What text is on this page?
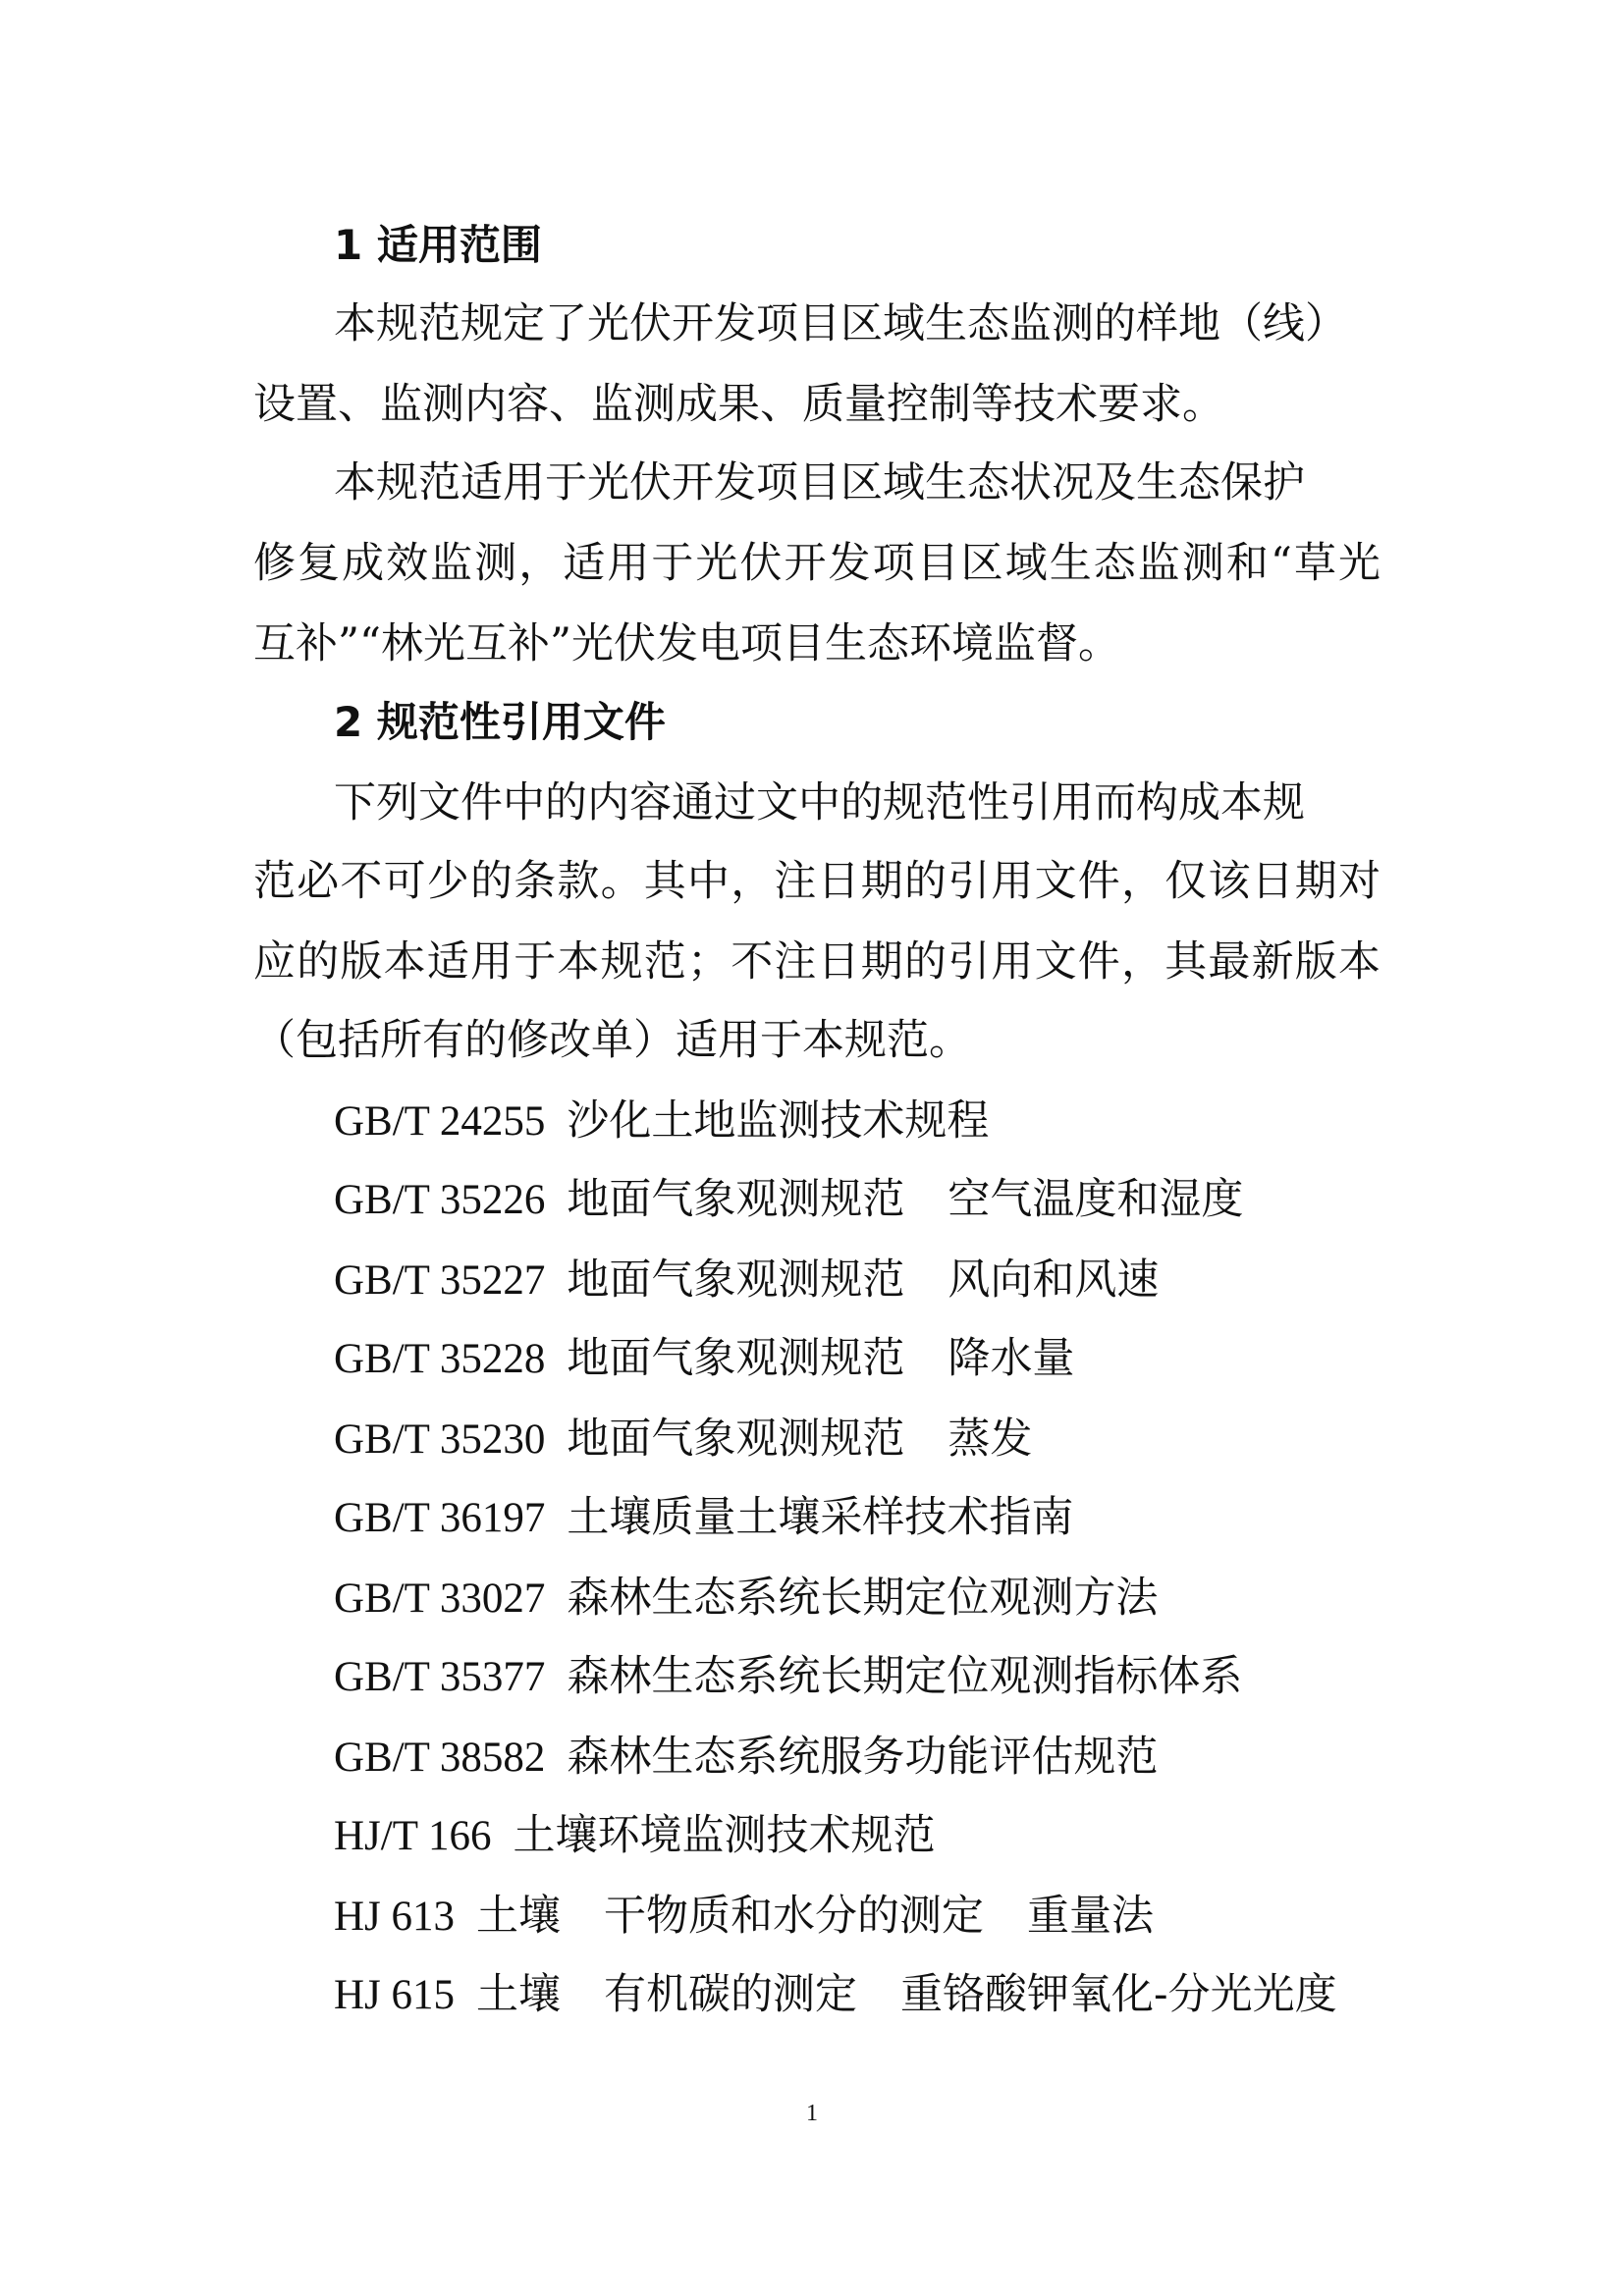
1 适用范围
本规范规定了光伏开发项目区域生态监测的样地（线）
设置、监测内容、监测成果、质量控制等技术要求。
本规范适用于光伏开发项目区域生态状况及生态保护
修复成效监测，适用于光伏开发项目区域生态监测和“草光
互补”“林光互补”光伏发电项目生态环境监督。
2 规范性引用文件
下列文件中的内容通过文中的规范性引用而构成本规
范必不可少的条款。其中，注日期的引用文件，仅该日期对
应的版本适用于本规范；不注日期的引用文件，其最新版本
（包括所有的修改单）适用于本规范。
GB/T 24255 沙化土地监测技术规程
GB/T 35226 地面气象观测规范 空气温度和湿度
GB/T 35227 地面气象观测规范 风向和风速
GB/T 35228 地面气象观测规范 降水量
GB/T 35230 地面气象观测规范 蒸发
GB/T 36197 土壤质量土壤采样技术指南
GB/T 33027 森林生态系统长期定位观测方法
GB/T 35377 森林生态系统长期定位观测指标体系
GB/T 38582 森林生态系统服务功能评估规范
HJ/T 166 土壤环境监测技术规范
HJ 613 土壤 干物质和水分的测定 重量法
HJ 615 土壤 有机碳的测定 重铬酸钾氧化-分光光度
1
